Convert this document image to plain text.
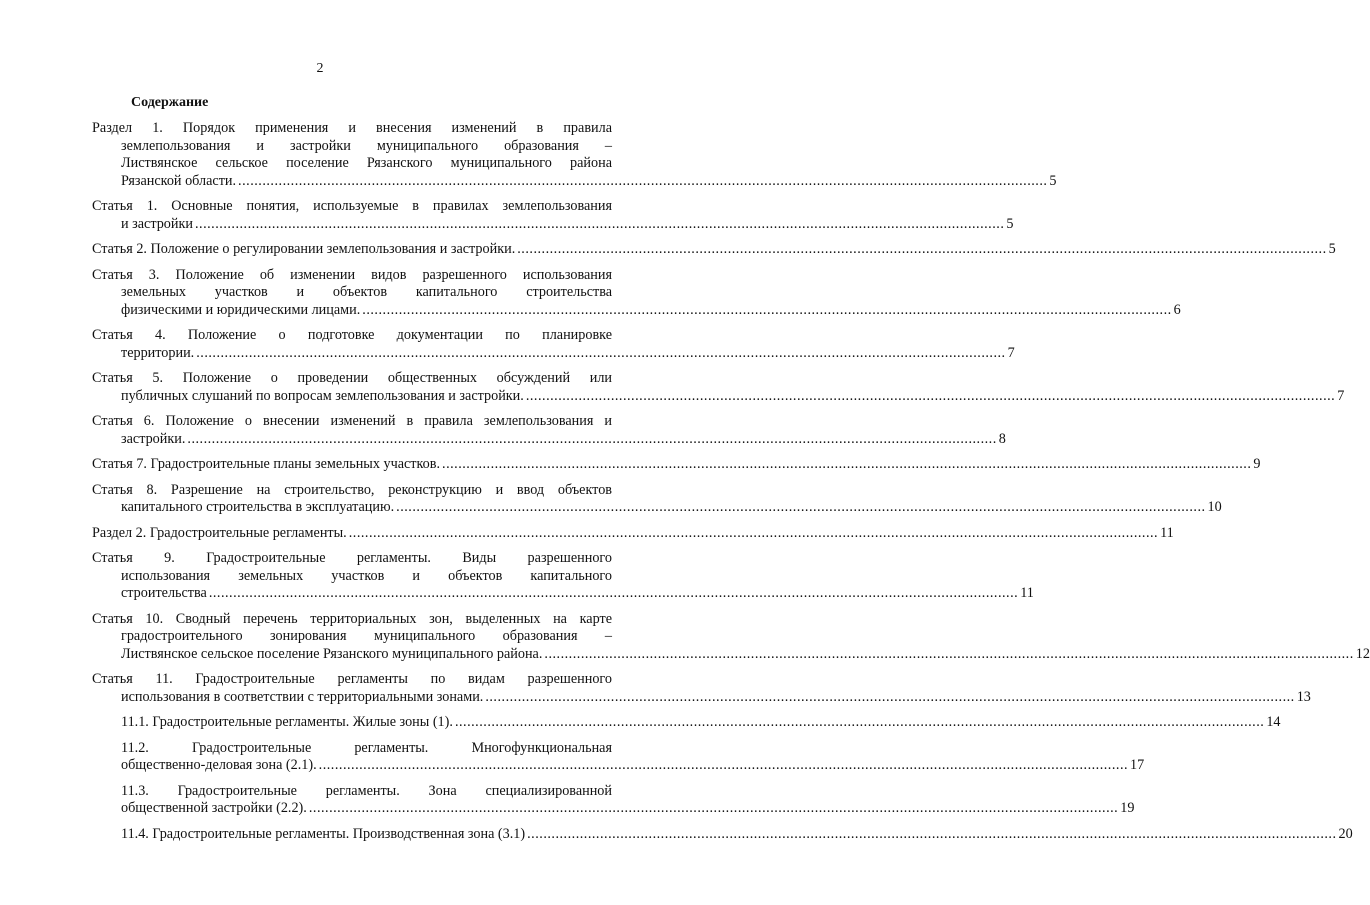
2
Содержание
Раздел 1. Порядок применения и внесения изменений в правила
землепользования и застройки муниципального образования –
Листвянское сельское поселение Рязанского муниципального района
Рязанской области. ........................................................................................................................................................................................................ 5
Статья 1. Основные понятия, используемые в правилах землепользования
и застройки ........................................................................................................................................................................................................ 5
Статья 2. Положение о регулировании землепользования и застройки. ........................................................................................................................................................................................................ 5
Статья 3. Положение об изменении видов разрешенного использования
земельных участков и объектов капитального строительства
физическими и юридическими лицами. ........................................................................................................................................................................................................ 6
Статья 4. Положение о подготовке документации по планировке
территории. ........................................................................................................................................................................................................ 7
Статья 5. Положение о проведении общественных обсуждений или
публичных слушаний по вопросам землепользования и застройки. ........................................................................................................................................................................................................ 7
Статья 6. Положение о внесении изменений в правила землепользования и
застройки. ........................................................................................................................................................................................................ 8
Статья 7. Градостроительные планы земельных участков. ........................................................................................................................................................................................................ 9
Статья 8. Разрешение на строительство, реконструкцию и ввод объектов
капитального строительства в эксплуатацию. ........................................................................................................................................................................................................ 10
Раздел 2. Градостроительные регламенты. ........................................................................................................................................................................................................ 11
Статья 9. Градостроительные регламенты. Виды разрешенного
использования земельных участков и объектов капитального
строительства ........................................................................................................................................................................................................ 11
Статья 10. Сводный перечень территориальных зон, выделенных на карте
градостроительного зонирования муниципального образования –
Листвянское сельское поселение Рязанского муниципального района. ........................................................................................................................................................................................................ 12
Статья 11. Градостроительные регламенты по видам разрешенного
использования в соответствии с территориальными зонами. ........................................................................................................................................................................................................ 13
11.1. Градостроительные регламенты. Жилые зоны (1). ........................................................................................................................................................................................................ 14
11.2. Градостроительные регламенты. Многофункциональная
общественно-деловая зона (2.1). ........................................................................................................................................................................................................ 17
11.3. Градостроительные регламенты. Зона специализированной
общественной застройки (2.2). ........................................................................................................................................................................................................ 19
11.4. Градостроительные регламенты. Производственная зона (3.1) ........................................................................................................................................................................................................ 20
